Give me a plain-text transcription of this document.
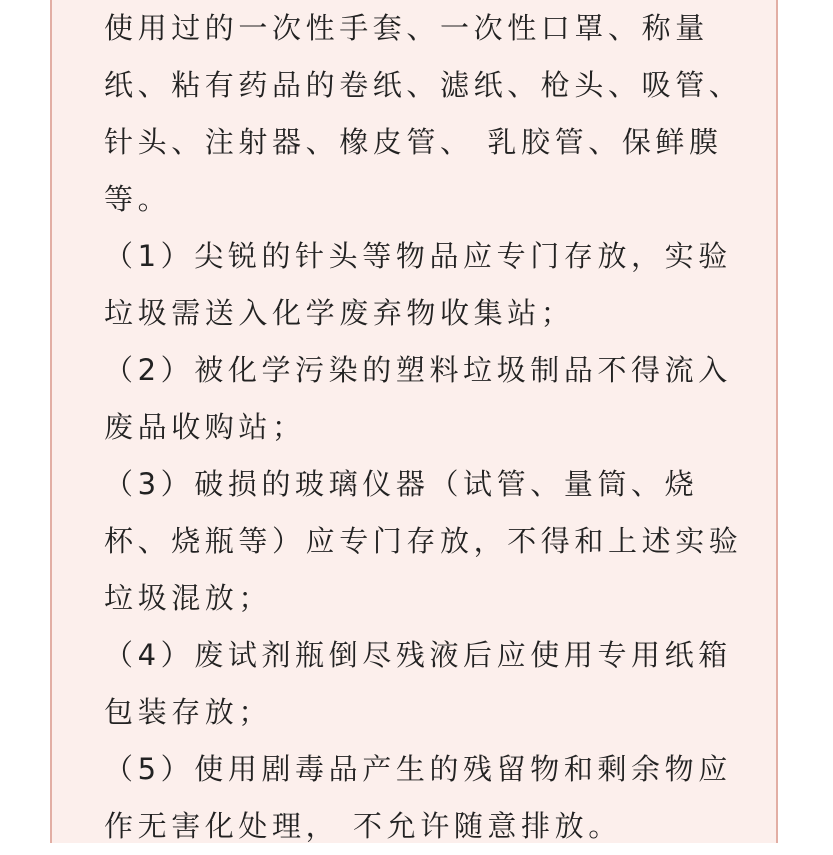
使用过的一次性手套、一次性口罩、称量
纸、粘有药品的卷纸、滤纸、枪头、吸管、
针头、注射器、橡皮管、 乳胶管、保鲜膜
等。
（1）尖锐的针头等物品应专门存放，实验
垃圾需送入化学废弃物收集站；
（2）被化学污染的塑料垃圾制品不得流入
废品收购站；
（3）破损的玻璃仪器（试管、量筒、烧
杯、烧瓶等）应专门存放，不得和上述实验
垃圾混放；
（4）废试剂瓶倒尽残液后应使用专用纸箱
包装存放；
（5）使用剧毒品产生的残留物和剩余物应
作无害化处理， 不允许随意排放。
